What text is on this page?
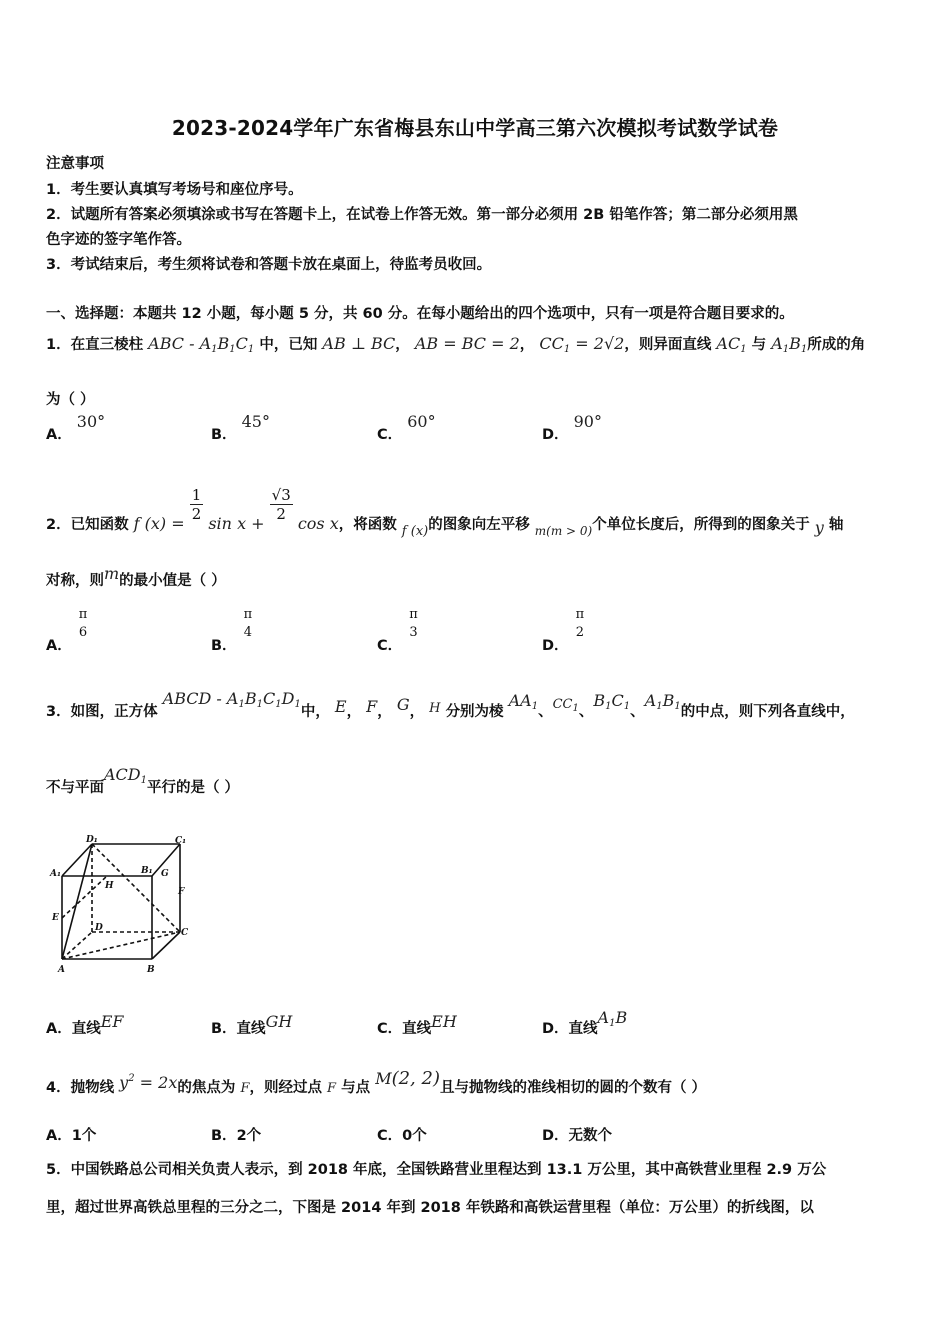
2023-2024学年广东省梅县东山中学高三第六次模拟考试数学试卷
注意事项
1．考生要认真填写考场号和座位序号。
2．试题所有答案必须填涂或书写在答题卡上，在试卷上作答无效。第一部分必须用 2B 铅笔作答；第二部分必须用黑
色字迹的签字笔作答。
3．考试结束后，考生须将试卷和答题卡放在桌面上，待监考员收回。
一、选择题：本题共 12 小题，每小题 5 分，共 60 分。在每小题给出的四个选项中，只有一项是符合题目要求的。
1．在直三棱柱 ABC - $A_1B_1C_1$ 中，已知 AB ⊥ BC， AB = BC = 2， $CC_1 = 2√2$，则异面直线 $AC_1$ 与 $A_1B_1$所成的角
为（ ）
A． 30°
B． 45°
C． 60°
D． 90°
2．已知函数 f $(x) = \frac{1}{2}$ $\sin x + \frac{√3}{2}$ cos x，将函数 f (x)的图象向左平移 $_{m(m > 0)}$个单位长度后，所得到的图象关于 y 轴
对称，则m的最小值是（ ）
A．
π
6
B．
π
4
C．
π
3
D．
π
2
3．如图，正方体 ABCD - $A_1B_1C_1D_1$中， E， F， G， H 分别为棱 $AA_1$、$CC_1$、$B_1C_1$、$A_1B_1$的中点，则下列各直线中，
不与平面$ACD_1$平行的是（ ）
D₁	C₁
A₁	B₁ G
H
F
E
D	C
A	B
A．直线EF	B．直线GH	C．直线EH	D．直线$A_1B$
4．抛物线 $y^2 = 2x$的焦点为 F，则经过点 F 与点 M(2, 2)且与抛物线的准线相切的圆的个数有（ ）
A．1个	B．2个	C．0个	D．无数个
5．中国铁路总公司相关负责人表示，到 2018 年底，全国铁路营业里程达到 13.1 万公里，其中高铁营业里程 2.9 万公
里，超过世界高铁总里程的三分之二，下图是 2014 年到 2018 年铁路和高铁运营里程（单位：万公里）的折线图，以
